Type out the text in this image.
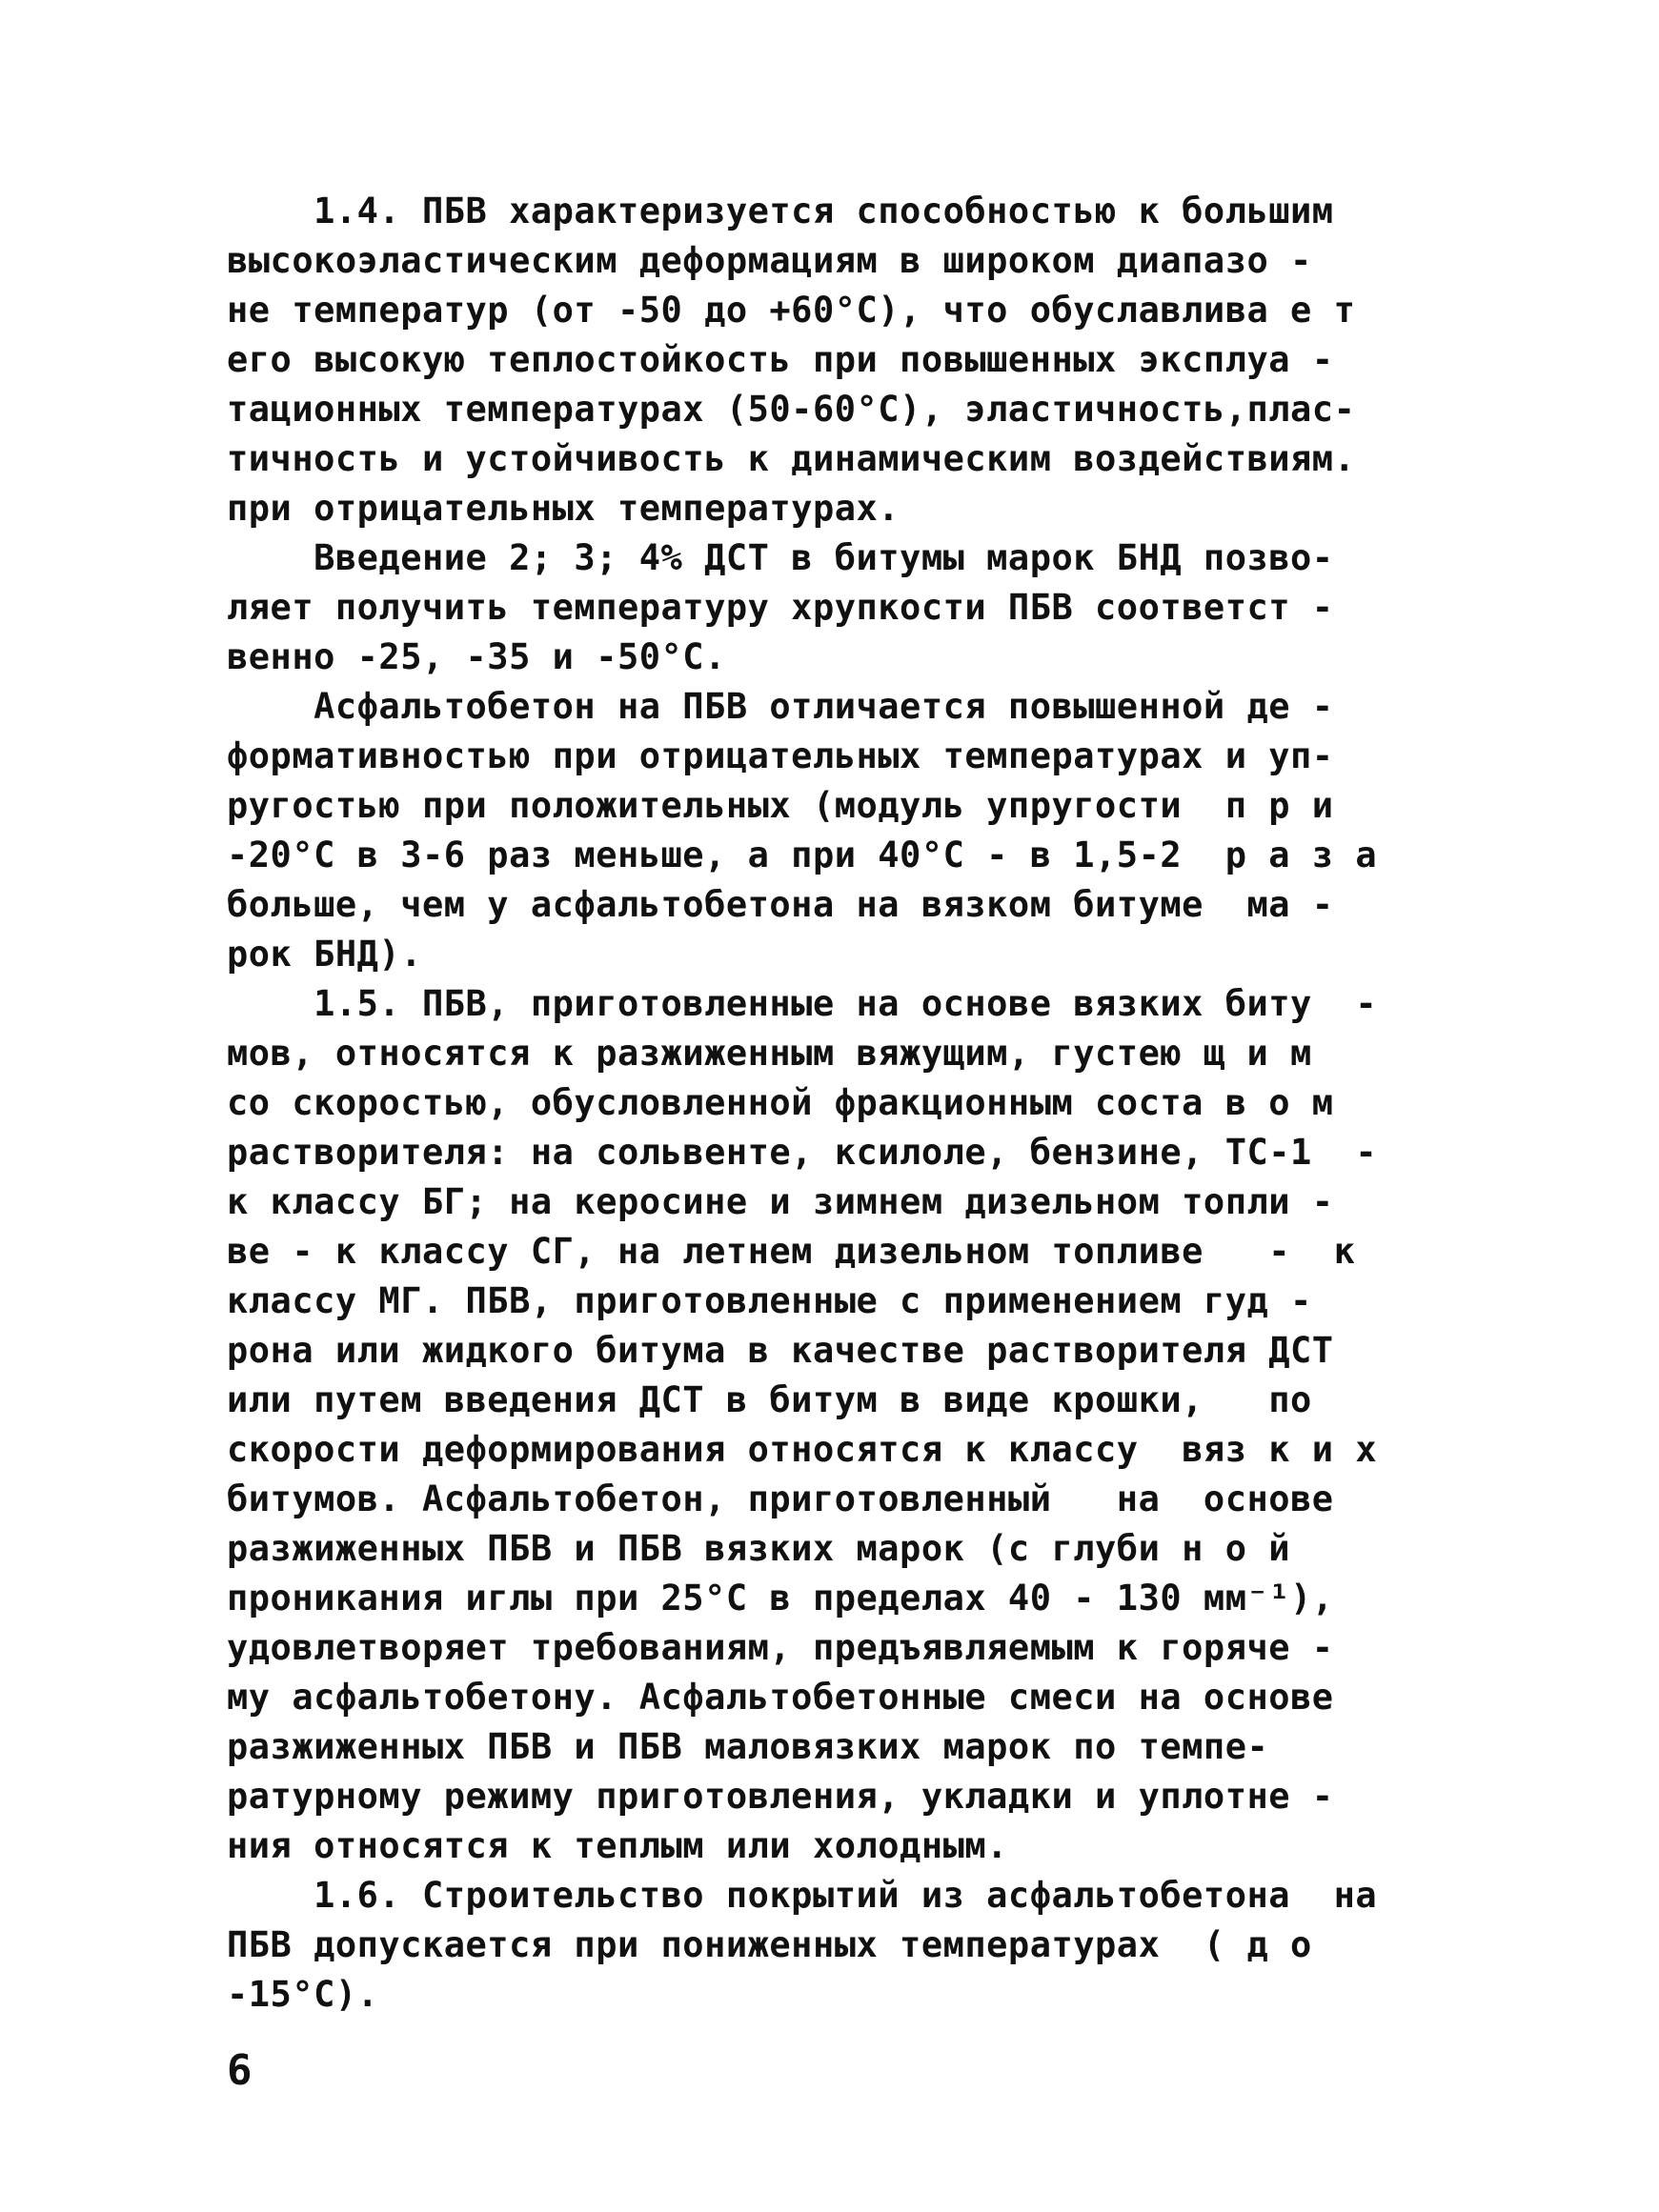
1.4. ПБВ характеризуется способностью к большим
высокоэластическим деформациям в широком диапазо -
не температур (от -50 до +60°С), что обуславлива е т
его высокую теплостойкость при повышенных эксплуа -
тационных температурах (50-60°С), эластичность,плас-
тичность и устойчивость к динамическим воздействиям.
при отрицательных температурах.
Введение 2; 3; 4% ДСТ в битумы марок БНД позво-
ляет получить температуру хрупкости ПБВ соответст -
венно -25, -35 и -50°С.
Асфальтобетон на ПБВ отличается повышенной де -
формативностью при отрицательных температурах и уп-
ругостью при положительных (модуль упругости  п р и
-20°С в 3-6 раз меньше, а при 40°С - в 1,5-2  р а з а
больше, чем у асфальтобетона на вязком битуме  ма -
рок БНД).
1.5. ПБВ, приготовленные на основе вязких биту  -
мов, относятся к разжиженным вяжущим, густею щ и м
со скоростью, обусловленной фракционным соста в о м
растворителя: на сольвенте, ксилоле, бензине, ТС-1  -
к классу БГ; на керосине и зимнем дизельном топли -
ве - к классу СГ, на летнем дизельном топливе   -  к
классу МГ. ПБВ, приготовленные с применением гуд -
рона или жидкого битума в качестве растворителя ДСТ
или путем введения ДСТ в битум в виде крошки,   по
скорости деформирования относятся к классу  вяз к и х
битумов. Асфальтобетон, приготовленный   на  основе
разжиженных ПБВ и ПБВ вязких марок (с глуби н о й
проникания иглы при 25°С в пределах 40 - 130 мм⁻¹),
удовлетворяет требованиям, предъявляемым к горяче -
му асфальтобетону. Асфальтобетонные смеси на основе
разжиженных ПБВ и ПБВ маловязких марок по темпе-
ратурному режиму приготовления, укладки и уплотне -
ния относятся к теплым или холодным.
1.6. Строительство покрытий из асфальтобетона  на
ПБВ допускается при пониженных температурах  ( д о
-15°С).
6
